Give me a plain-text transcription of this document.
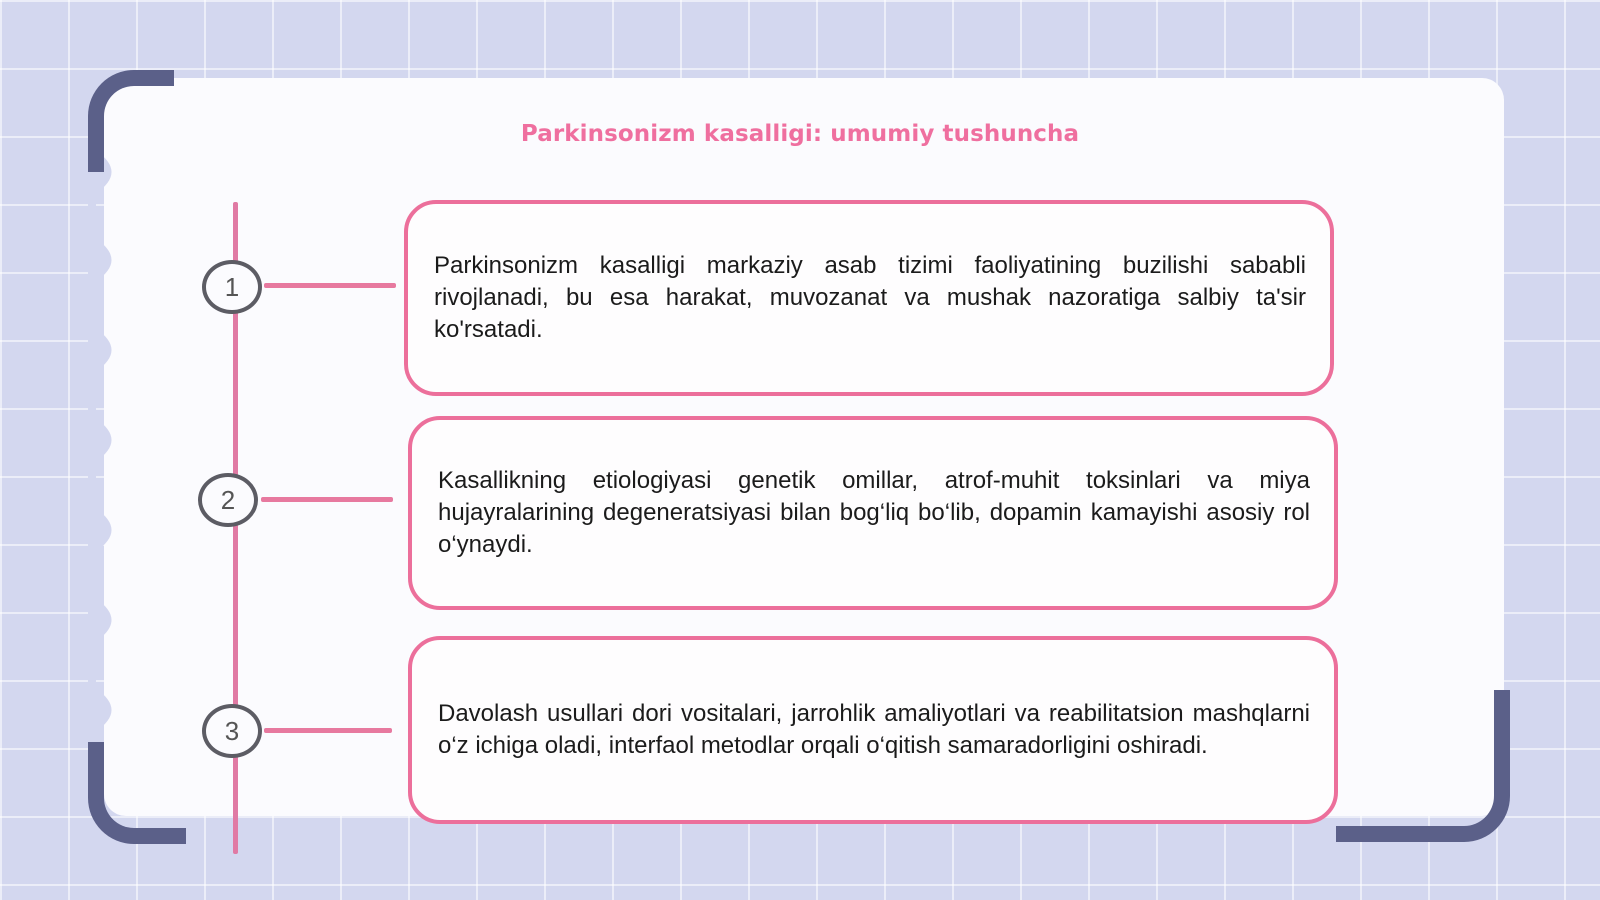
Parkinsonizm kasalligi: umumiy tushuncha
1
2
3

Parkinsonizm kasalligi markaziy asab tizimi faoliyatining buzilishi sababli rivojlanadi, bu esa harakat, muvozanat va mushak nazoratiga salbiy ta'sir ko'rsatadi.

Kasallikning etiologiyasi genetik omillar, atrof-muhit toksinlari va miya hujayralarining degeneratsiyasi bilan bog‘liq bo‘lib, dopamin kamayishi asosiy rol o‘ynaydi.

Davolash usullari dori vositalari, jarrohlik amaliyotlari va reabilitatsion mashqlarni o‘z ichiga oladi, interfaol metodlar orqali o‘qitish samaradorligini oshiradi.
